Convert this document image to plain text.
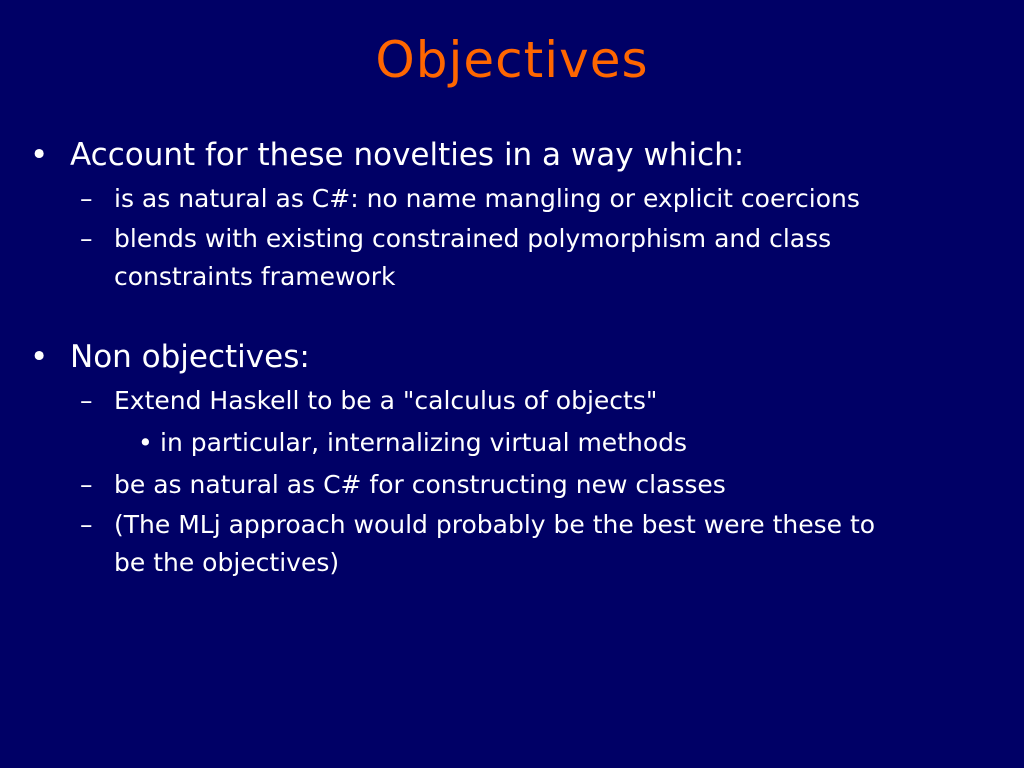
Objectives
• Account for these novelties in a way which:
– is as natural as C#: no name mangling or explicit coercions
– blends with existing constrained polymorphism and class constraints framework
• Non objectives:
– Extend Haskell to be a "calculus of objects"
• in particular, internalizing virtual methods
– be as natural as C# for constructing new classes
– (The MLj approach would probably be the best were these to be the objectives)
